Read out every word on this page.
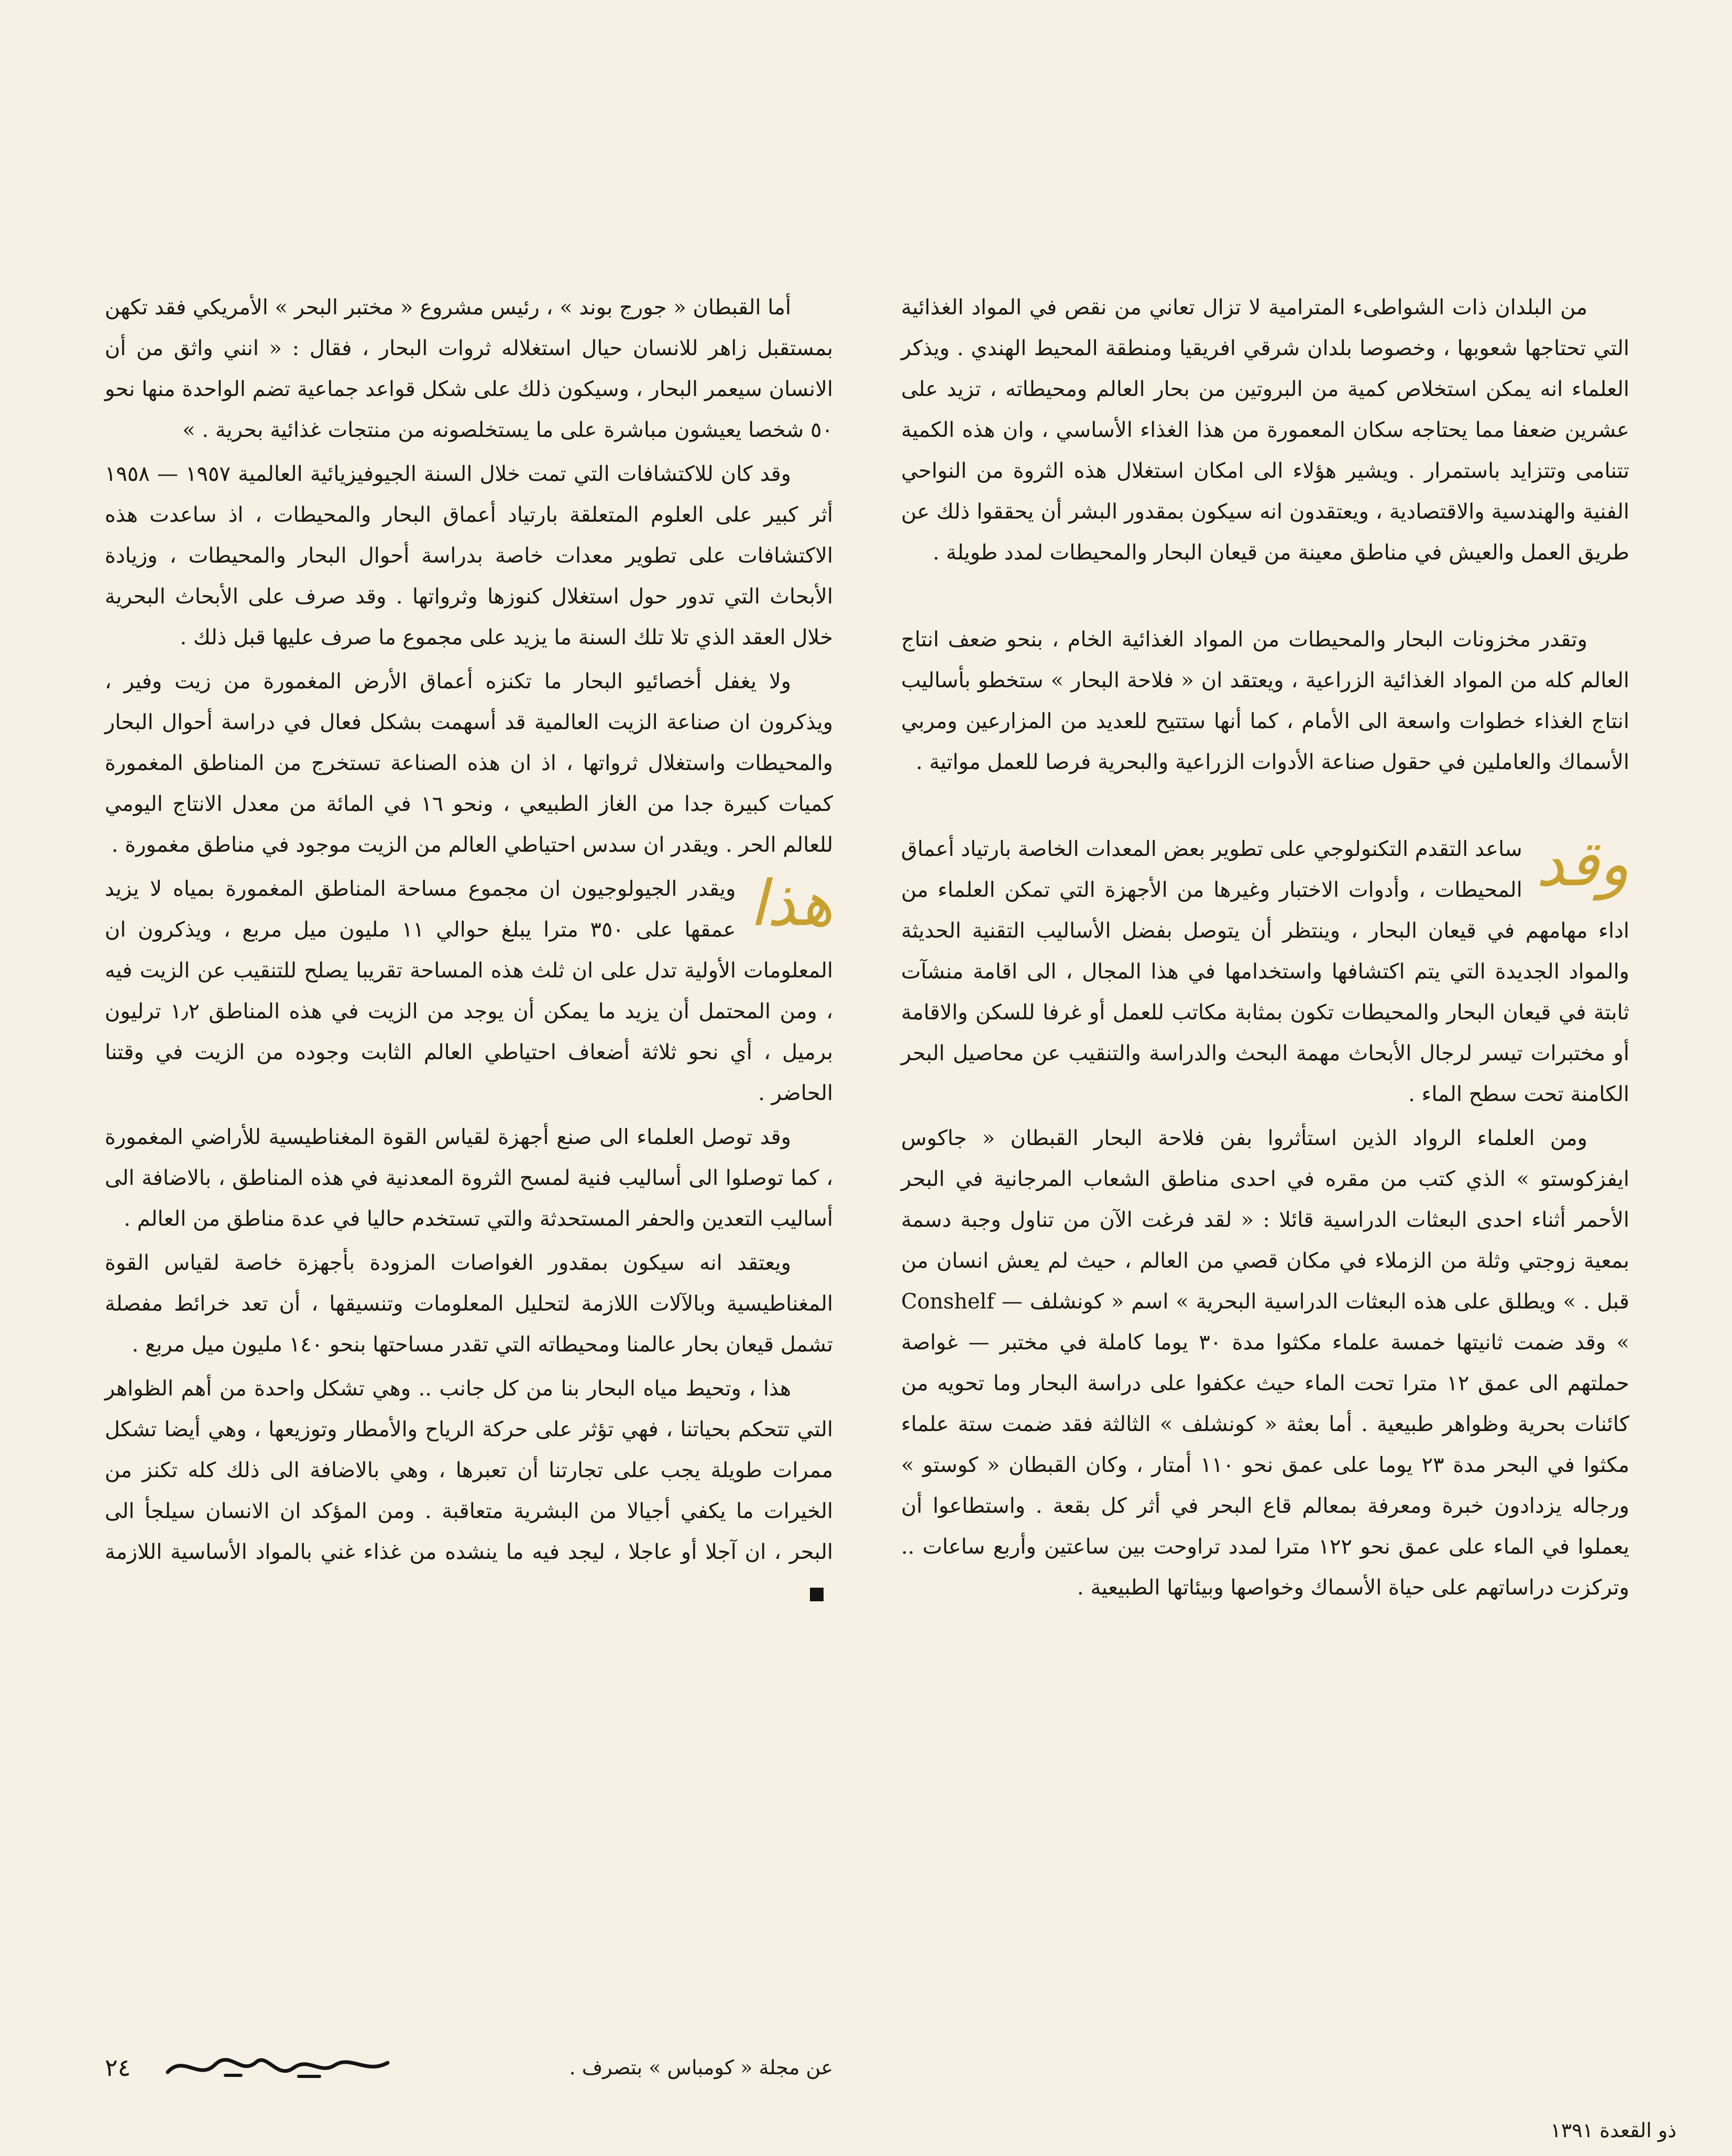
من البلدان ذات الشواطىء المترامية لا تزال تعاني من نقص في المواد الغذائية التي تحتاجها شعوبها ، وخصوصا بلدان شرقي افريقيا ومنطقة المحيط الهندي . ويذكر العلماء انه يمكن استخلاص كمية من البروتين من بحار العالم ومحيطاته ، تزيد على عشرين ضعفا مما يحتاجه سكان المعمورة من هذا الغذاء الأساسي ، وان هذه الكمية تتنامى وتتزايد باستمرار . ويشير هؤلاء الى امكان استغلال هذه الثروة من النواحي الفنية والهندسية والاقتصادية ، ويعتقدون انه سيكون بمقدور البشر أن يحققوا ذلك عن طريق العمل والعيش في مناطق معينة من قيعان البحار والمحيطات لمدد طويلة .

وتقدر مخزونات البحار والمحيطات من المواد الغذائية الخام ، بنحو ضعف انتاج العالم كله من المواد الغذائية الزراعية ، ويعتقد ان « فلاحة البحار » ستخطو بأساليب انتاج الغذاء خطوات واسعة الى الأمام ، كما أنها ستتيح للعديد من المزارعين ومربي الأسماك والعاملين في حقول صناعة الأدوات الزراعية والبحرية فرصا للعمل مواتية .

وقد
ساعد التقدم التكنولوجي على تطوير بعض المعدات الخاصة بارتياد أعماق المحيطات ، وأدوات الاختبار وغيرها من الأجهزة التي تمكن العلماء من اداء مهامهم في قيعان البحار ، وينتظر أن يتوصل بفضل الأساليب التقنية الحديثة والمواد الجديدة التي يتم اكتشافها واستخدامها في هذا المجال ، الى اقامة منشآت ثابتة في قيعان البحار والمحيطات تكون بمثابة مكاتب للعمل أو غرفا للسكن والاقامة أو مختبرات تيسر لرجال الأبحاث مهمة البحث والدراسة والتنقيب عن محاصيل البحر الكامنة تحت سطح الماء .

ومن العلماء الرواد الذين استأثروا بفن فلاحة البحار القبطان « جاكوس ايفزكوستو » الذي كتب من مقره في احدى مناطق الشعاب المرجانية في البحر الأحمر أثناء احدى البعثات الدراسية قائلا : « لقد فرغت الآن من تناول وجبة دسمة بمعية زوجتي وثلة من الزملاء في مكان قصي من العالم ، حيث لم يعش انسان من قبل . » ويطلق على هذه البعثات الدراسية البحرية » اسم « كونشلف — Conshelf » وقد ضمت ثانيتها خمسة علماء مكثوا مدة ٣٠ يوما كاملة في مختبر — غواصة حملتهم الى عمق ١٢ مترا تحت الماء حيث عكفوا على دراسة البحار وما تحويه من كائنات بحرية وظواهر طبيعية . أما بعثة « كونشلف » الثالثة فقد ضمت ستة علماء مكثوا في البحر مدة ٢٣ يوما على عمق نحو ١١٠ أمتار ، وكان القبطان « كوستو » ورجاله يزدادون خبرة ومعرفة بمعالم قاع البحر في أثر كل بقعة . واستطاعوا أن يعملوا في الماء على عمق نحو ١٢٢ مترا لمدد تراوحت بين ساعتين وأربع ساعات .. وتركزت دراساتهم على حياة الأسماك وخواصها وبيئاتها الطبيعية .

أما القبطان « جورج بوند » ، رئيس مشروع « مختبر البحر » الأمريكي فقد تكهن بمستقبل زاهر للانسان حيال استغلاله ثروات البحار ، فقال : « انني واثق من أن الانسان سيعمر البحار ، وسيكون ذلك على شكل قواعد جماعية تضم الواحدة منها نحو ٥٠ شخصا يعيشون مباشرة على ما يستخلصونه من منتجات غذائية بحرية . »

وقد كان للاكتشافات التي تمت خلال السنة الجيوفيزيائية العالمية ١٩٥٧ — ١٩٥٨ أثر كبير على العلوم المتعلقة بارتياد أعماق البحار والمحيطات ، اذ ساعدت هذه الاكتشافات على تطوير معدات خاصة بدراسة أحوال البحار والمحيطات ، وزيادة الأبحاث التي تدور حول استغلال كنوزها وثرواتها . وقد صرف على الأبحاث البحرية خلال العقد الذي تلا تلك السنة ما يزيد على مجموع ما صرف عليها قبل ذلك .

ولا يغفل أخصائيو البحار ما تكنزه أعماق الأرض المغمورة من زيت وفير ، ويذكرون ان صناعة الزيت العالمية قد أسهمت بشكل فعال في دراسة أحوال البحار والمحيطات واستغلال ثرواتها ، اذ ان هذه الصناعة تستخرج من المناطق المغمورة كميات كبيرة جدا من الغاز الطبيعي ، ونحو ١٦ في المائة من معدل الانتاج اليومي للعالم الحر . ويقدر ان سدس احتياطي العالم من الزيت موجود في مناطق مغمورة .

هذا
ويقدر الجيولوجيون ان مجموع مساحة المناطق المغمورة بمياه لا يزيد عمقها على ٣٥٠ مترا يبلغ حوالي ١١ مليون ميل مربع ، ويذكرون ان المعلومات الأولية تدل على ان ثلث هذه المساحة تقريبا يصلح للتنقيب عن الزيت فيه ، ومن المحتمل أن يزيد ما يمكن أن يوجد من الزيت في هذه المناطق ١٫٢ ترليون برميل ، أي نحو ثلاثة أضعاف احتياطي العالم الثابت وجوده من الزيت في وقتنا الحاضر .

وقد توصل العلماء الى صنع أجهزة لقياس القوة المغناطيسية للأراضي المغمورة ، كما توصلوا الى أساليب فنية لمسح الثروة المعدنية في هذه المناطق ، بالاضافة الى أساليب التعدين والحفر المستحدثة والتي تستخدم حاليا في عدة مناطق من العالم .

ويعتقد انه سيكون بمقدور الغواصات المزودة بأجهزة خاصة لقياس القوة المغناطيسية وبالآلات اللازمة لتحليل المعلومات وتنسيقها ، أن تعد خرائط مفصلة تشمل قيعان بحار عالمنا ومحيطاته التي تقدر مساحتها بنحو ١٤٠ مليون ميل مربع .

هذا ، وتحيط مياه البحار بنا من كل جانب .. وهي تشكل واحدة من أهم الظواهر التي تتحكم بحياتنا ، فهي تؤثر على حركة الرياح والأمطار وتوزيعها ، وهي أيضا تشكل ممرات طويلة يجب على تجارتنا أن تعبرها ، وهي بالاضافة الى ذلك كله تكنز من الخيرات ما يكفي أجيالا من البشرية متعاقبة . ومن المؤكد ان الانسان سيلجأ الى البحر ، ان آجلا أو عاجلا ، ليجد فيه ما ينشده من غذاء غني بالمواد الأساسية اللازمة

عن مجلة « كومباس » بتصرف .
٢٤
ذو القعدة ١٣٩١
